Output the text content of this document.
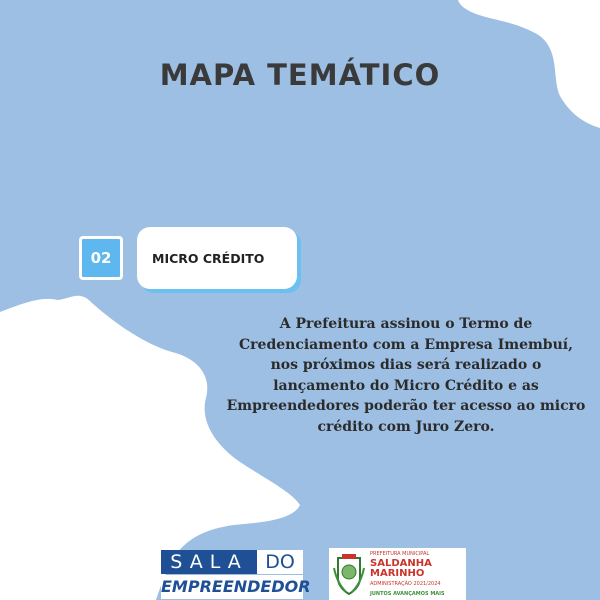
MAPA TEMÁTICO
02	MICRO CRÉDITO
A Prefeitura assinou o Termo de Credenciamento com a Empresa Imembuí, nos próximos dias será realizado o lançamento do Micro Crédito e as Empreendedores poderão ter acesso ao micro crédito com Juro Zero.
SALA DO
EMPREENDEDOR
PREFEITURA MUNICIPAL
SALDANHA MARINHO
ADMINISTRAÇÃO 2021/2024
JUNTOS AVANÇAMOS MAIS
